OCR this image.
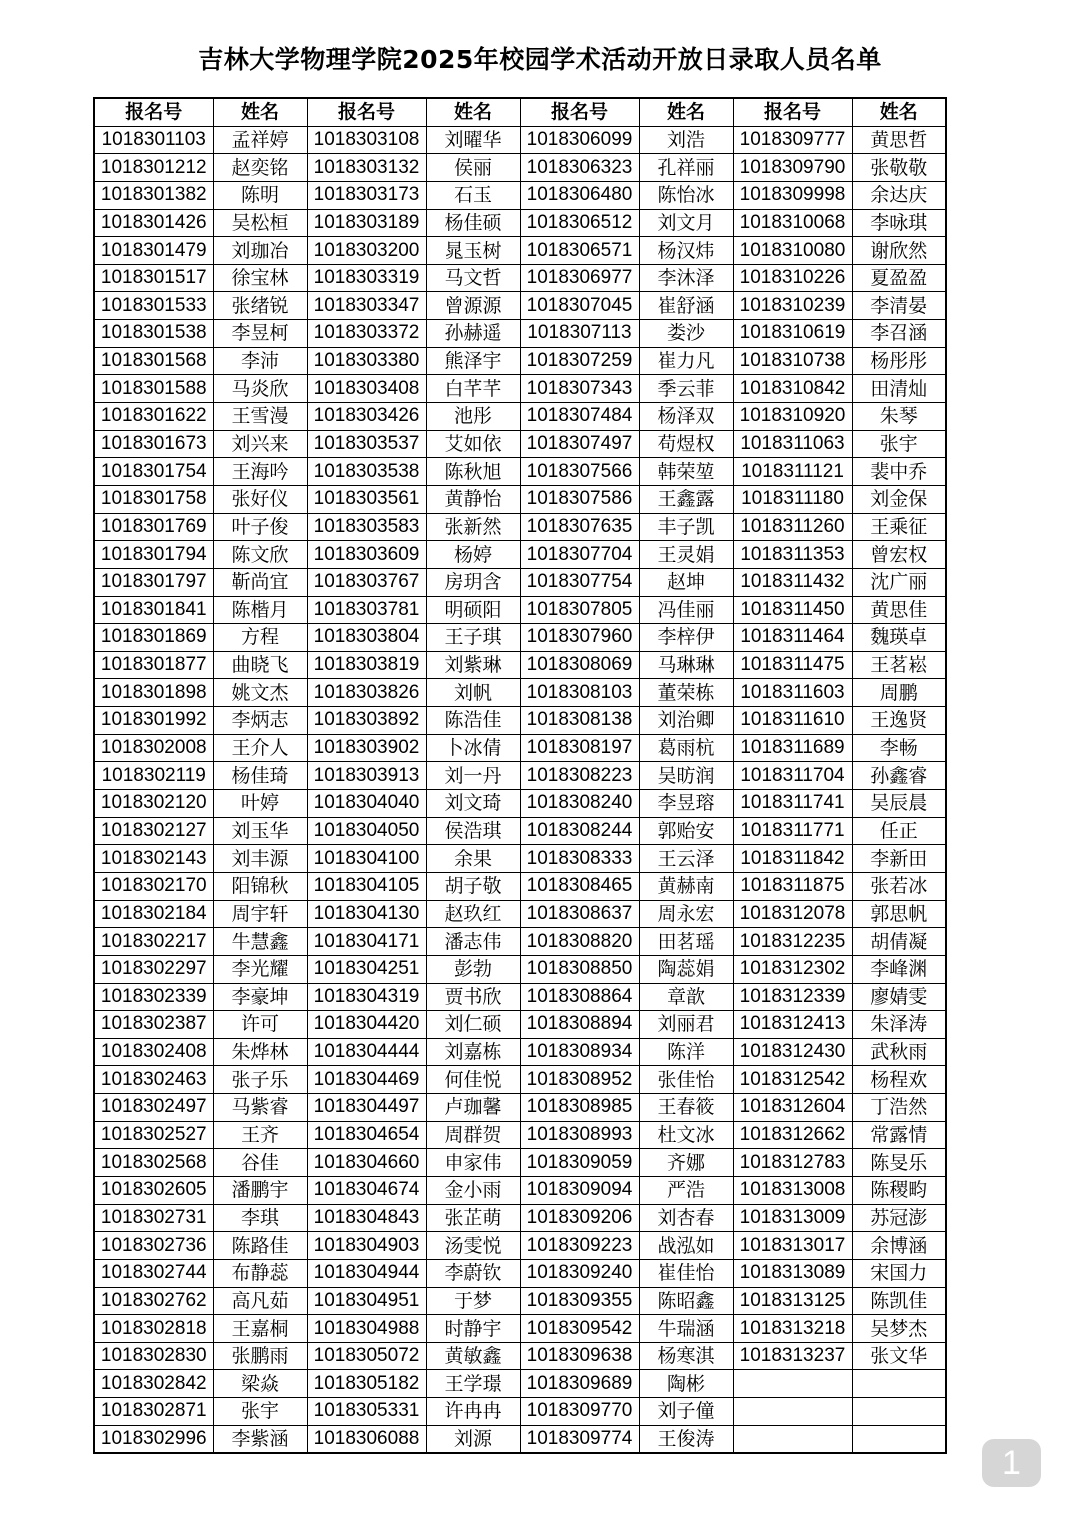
吉林大学物理学院2025年校园学术活动开放日录取人员名单
报名号	姓名	报名号	姓名	报名号	姓名	报名号	姓名
1018301103	孟祥婷	1018303108	刘曜华	1018306099	刘浩	1018309777	黄思哲
1018301212	赵奕铭	1018303132	侯丽	1018306323	孔祥丽	1018309790	张敬敬
1018301382	陈明	1018303173	石玉	1018306480	陈怡冰	1018309998	余达庆
1018301426	吴松桓	1018303189	杨佳硕	1018306512	刘文月	1018310068	李咏琪
1018301479	刘珈冶	1018303200	晁玉树	1018306571	杨汉炜	1018310080	谢欣然
1018301517	徐宝林	1018303319	马文哲	1018306977	李沐泽	1018310226	夏盈盈
1018301533	张绪锐	1018303347	曾源源	1018307045	崔舒涵	1018310239	李清晏
1018301538	李昱柯	1018303372	孙赫遥	1018307113	娄沙	1018310619	李召涵
1018301568	李沛	1018303380	熊泽宇	1018307259	崔力凡	1018310738	杨彤彤
1018301588	马炎欣	1018303408	白芊芊	1018307343	季云菲	1018310842	田清灿
1018301622	王雪漫	1018303426	池彤	1018307484	杨泽双	1018310920	朱琴
1018301673	刘兴来	1018303537	艾如依	1018307497	苟煜权	1018311063	张宇
1018301754	王海吟	1018303538	陈秋旭	1018307566	韩荣堃	1018311121	裴中乔
1018301758	张好仪	1018303561	黄静怡	1018307586	王鑫露	1018311180	刘金保
1018301769	叶子俊	1018303583	张新然	1018307635	丰子凯	1018311260	王乘征
1018301794	陈文欣	1018303609	杨婷	1018307704	王灵娟	1018311353	曾宏权
1018301797	靳尚宜	1018303767	房玥含	1018307754	赵坤	1018311432	沈广丽
1018301841	陈楷月	1018303781	明硕阳	1018307805	冯佳丽	1018311450	黄思佳
1018301869	方程	1018303804	王子琪	1018307960	李梓伊	1018311464	魏瑛卓
1018301877	曲晓飞	1018303819	刘紫琳	1018308069	马琳琳	1018311475	王茗崧
1018301898	姚文杰	1018303826	刘帆	1018308103	董荣栋	1018311603	周鹏
1018301992	李炳志	1018303892	陈浩佳	1018308138	刘治卿	1018311610	王逸贤
1018302008	王介人	1018303902	卜冰倩	1018308197	葛雨杭	1018311689	李畅
1018302119	杨佳琦	1018303913	刘一丹	1018308223	吴昉润	1018311704	孙鑫睿
1018302120	叶婷	1018304040	刘文琦	1018308240	李昱瑢	1018311741	吴辰晨
1018302127	刘玉华	1018304050	侯浩琪	1018308244	郭贻安	1018311771	任正
1018302143	刘丰源	1018304100	余果	1018308333	王云泽	1018311842	李新田
1018302170	阳锦秋	1018304105	胡子敬	1018308465	黄赫南	1018311875	张若冰
1018302184	周宇轩	1018304130	赵玖红	1018308637	周永宏	1018312078	郭思帆
1018302217	牛慧鑫	1018304171	潘志伟	1018308820	田茗瑶	1018312235	胡倩凝
1018302297	李光耀	1018304251	彭勃	1018308850	陶蕊娟	1018312302	李峰渊
1018302339	李豪坤	1018304319	贾书欣	1018308864	章歆	1018312339	廖婧雯
1018302387	许可	1018304420	刘仁硕	1018308894	刘丽君	1018312413	朱泽涛
1018302408	朱烨林	1018304444	刘嘉栋	1018308934	陈洋	1018312430	武秋雨
1018302463	张子乐	1018304469	何佳悦	1018308952	张佳怡	1018312542	杨程欢
1018302497	马紫睿	1018304497	卢珈馨	1018308985	王春筱	1018312604	丁浩然
1018302527	王齐	1018304654	周群贺	1018308993	杜文冰	1018312662	常露情
1018302568	谷佳	1018304660	申家伟	1018309059	齐娜	1018312783	陈旻乐
1018302605	潘鹏宇	1018304674	金小雨	1018309094	严浩	1018313008	陈稷畇
1018302731	李琪	1018304843	张芷萌	1018309206	刘杏春	1018313009	苏冠澎
1018302736	陈路佳	1018304903	汤雯悦	1018309223	战泓如	1018313017	余博涵
1018302744	布静蕊	1018304944	李蔚钦	1018309240	崔佳怡	1018313089	宋国力
1018302762	高凡茹	1018304951	于梦	1018309355	陈昭鑫	1018313125	陈凯佳
1018302818	王嘉桐	1018304988	时静宇	1018309542	牛瑞涵	1018313218	吴梦杰
1018302830	张鹏雨	1018305072	黄敏鑫	1018309638	杨寒淇	1018313237	张文华
1018302842	梁焱	1018305182	王学璟	1018309689	陶彬		
1018302871	张宇	1018305331	许冉冉	1018309770	刘子僮		
1018302996	李紫涵	1018306088	刘源	1018309774	王俊涛		
1
